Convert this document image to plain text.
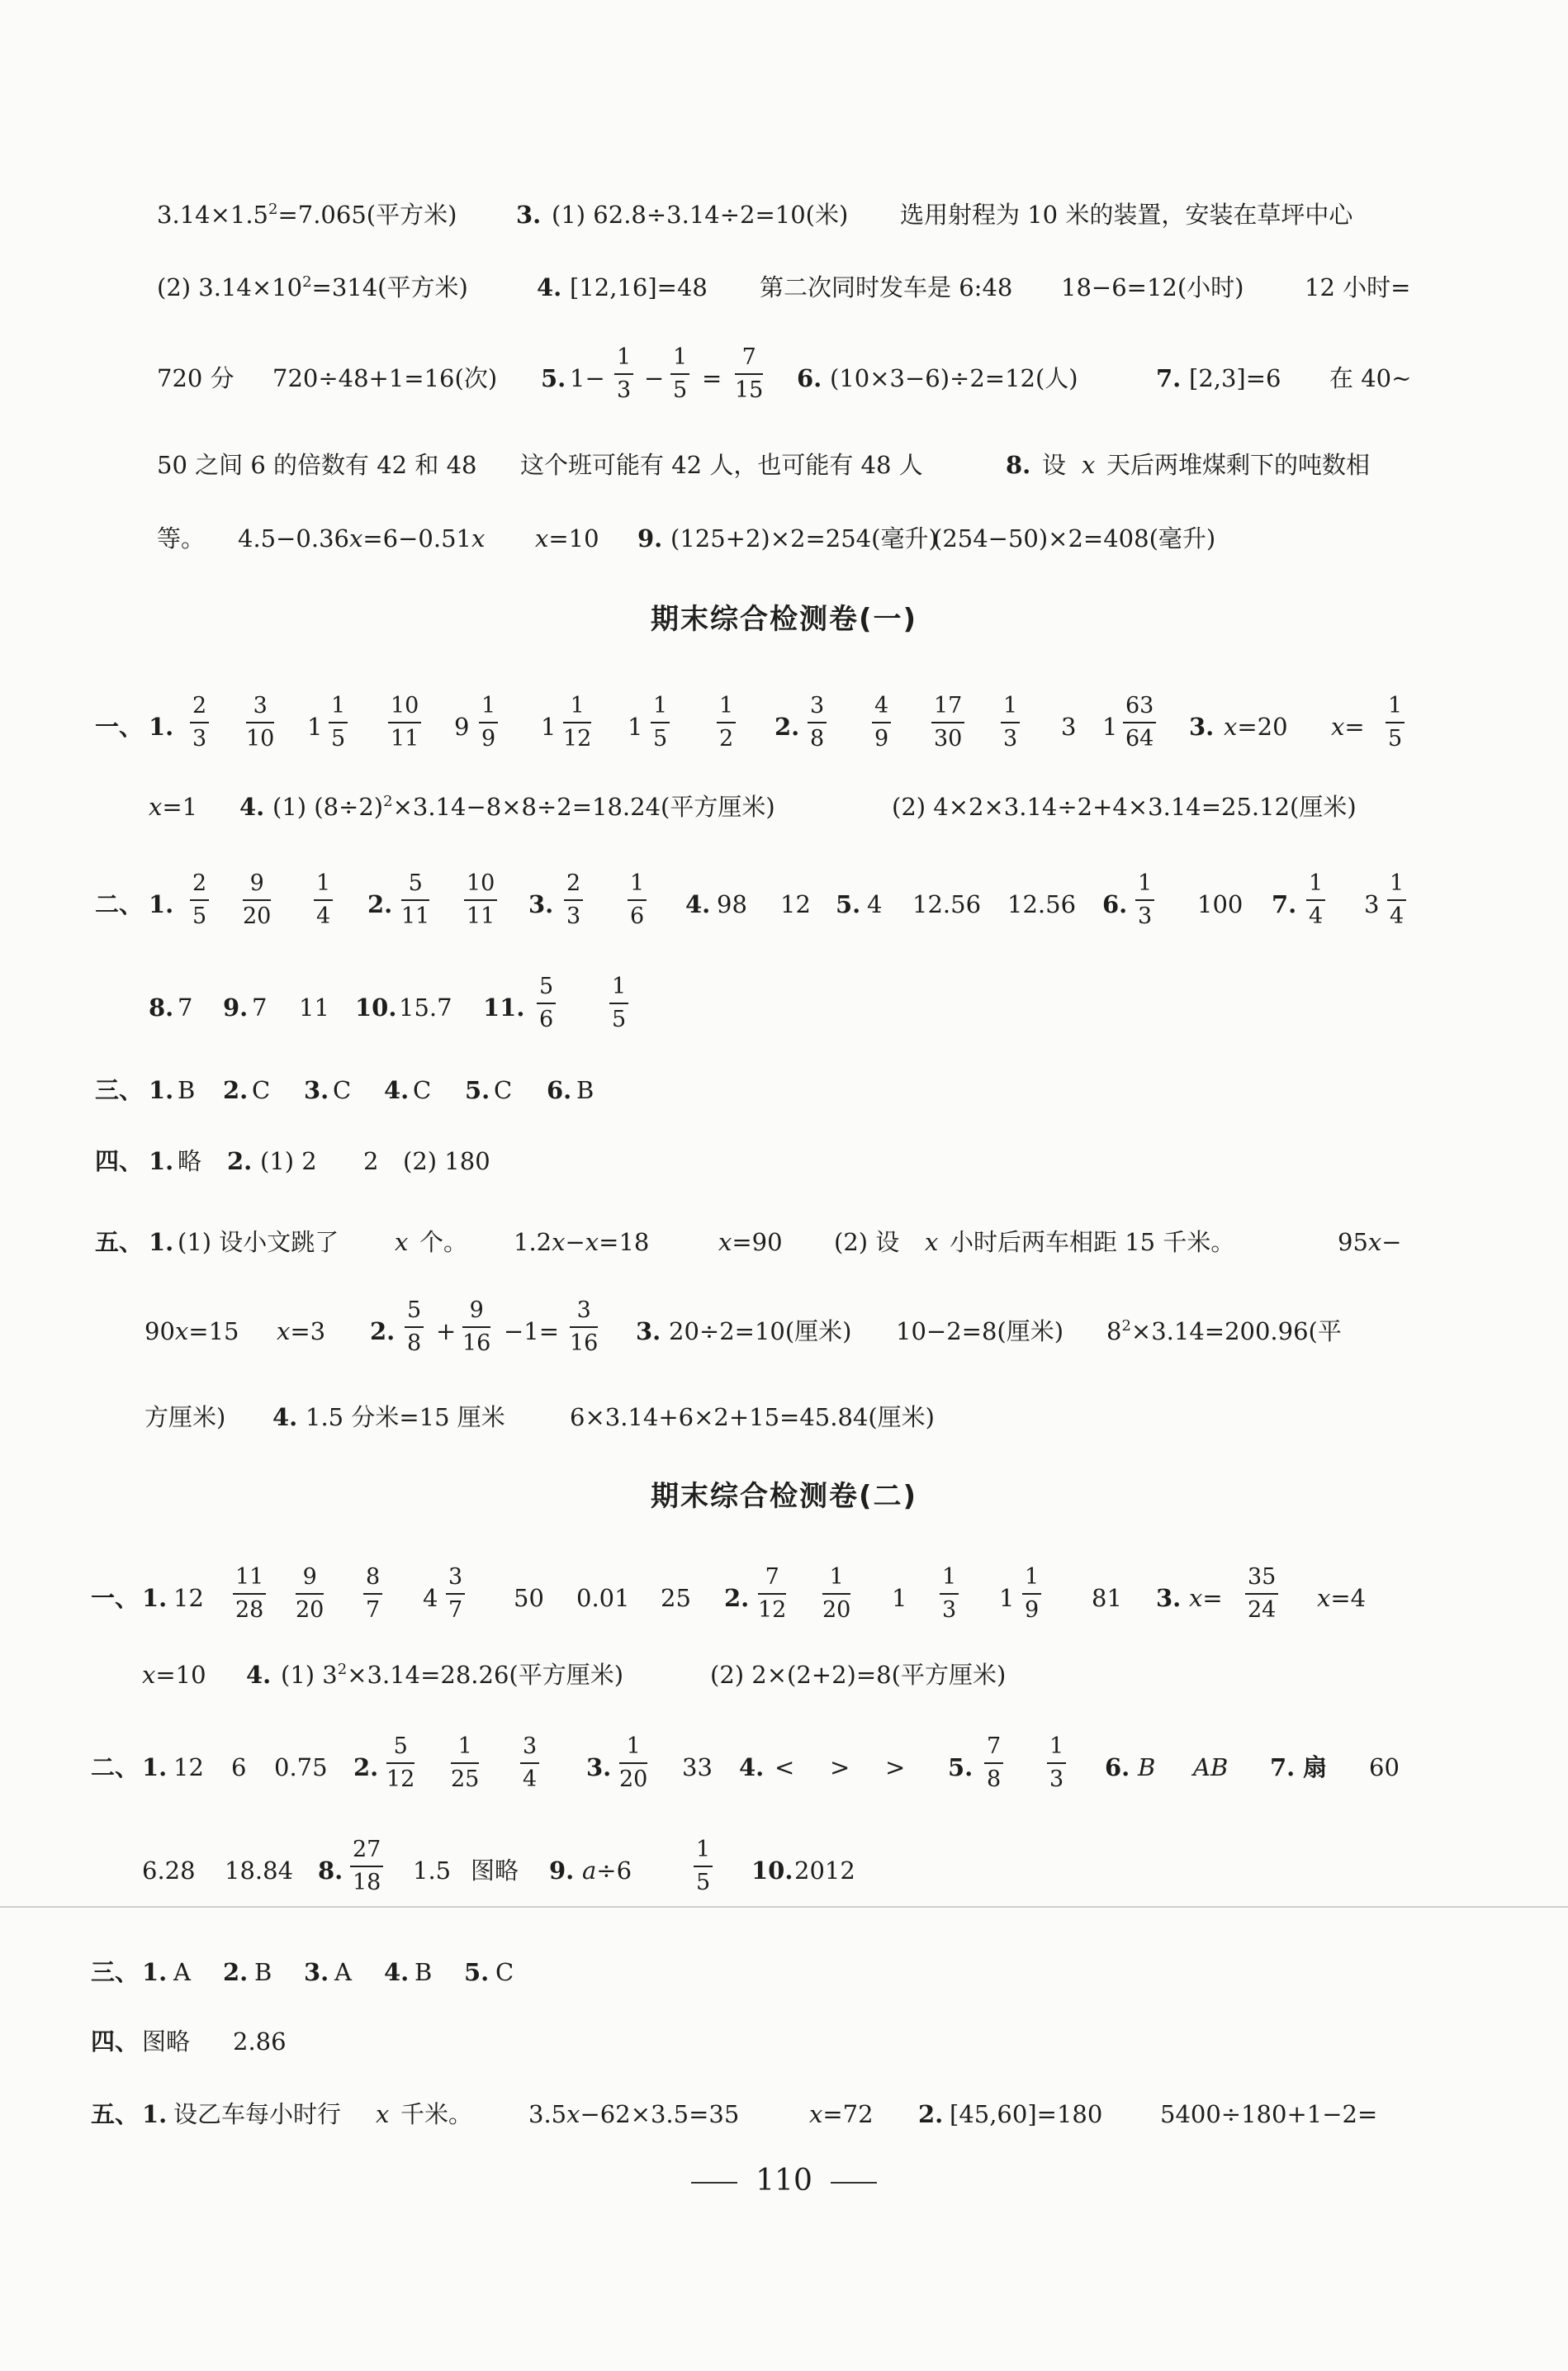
$3.14\times 1.5^2=7.065$(平方米) 3. (1) 62.8÷3.14÷2=10(米) 选用射程为 10 米的装置，安装在草坪中心
(2) $3.14\times 10^2=314$(平方米)	4. [12,16]=48 第二次同时发车是 6:48 18−6=12(小时)	12 小时=
720 分 720÷48+1=16(次) 5. 1−
1
3 −
1
5 =
7
15 6. (10×3−6)÷2=12(人)	7. [2,3]=6 在 40~
50 之间 6 的倍数有 42 和 48 这个班可能有 42 人，也可能有 48 人	8. 设 x 天后两堆煤剩下的吨数相
等。 4.5−0.36x=6−0.51x x=10 9. (125+2)×2=254(毫升)
(254−50)×2=408(毫升)
期末综合检测卷(一)
一、 1.
2
3
3
10 1
1
5
10
11 9
1
9 1
1
12 1
1
5
1
2 2.
3
8
4
9
17
30
1
3 3 1
63
64 3. x=20 x=
1
5
x=1 4. (1) $(8\div 2)^2\times 3.14-8\times 8\div 2=18.24$(平方厘米)	(2) 4×2×3.14÷2+4×3.14=25.12(厘米)
二、 1.
2
5
9
20
1
4 2.
5
11
10
11 3.
2
3
1
6 4. 98 12 5. 4 12.56 12.56 6.
1
3 100 7.
1
4 3
1
4
8. 7 9. 7 11 10. 15.7 11.
5
6
1
5
三、 1. B 2. C 3. C 4. C 5. C 6. B
四、 1. 略 2. (1) 2 2 (2) 180
五、 1. (1) 设小文跳了 x 个。 1.2x−x=18	x=90 (2) 设 x 小时后两车相距 15 千米。	95x−
90x=15 x=3 2.
5
8 +
9
16 −1=
3
16 3. 20÷2=10(厘米) 10−2=8(厘米) $8^2\times 3.14=200.96$(平
方厘米) 4. 1.5 分米=15 厘米	6×3.14+6×2+15=45.84(厘米)
期末综合检测卷(二)
一、 1. 12
11
28
9
20
8
7 4
3
7 50 0.01 25 2.
7
12
1
20 1
1
3 1
1
9 81 3. x=
35
24 x=4
x=10 4. (1) $3^2\times 3.14=28.26$(平方厘米)	(2) 2×(2+2)=8(平方厘米)
二、 1. 12 6 0.75 2.
5
12
1
25
3
4 3.
1
20 33 4. < > > 5.
7
8
1
3 6. B AB 7. 扇 60
6.28 18.84 8.
27
18 1.5 图略 9. a÷6
1
5 10. 2012
三、 1. A 2. B 3. A 4. B 5. C
四、 图略 2.86
五、 1. 设乙车每小时行 x 千米。 3.5x−62×3.5=35	x=72 2. [45,60]=180 5400÷180+1−2=
110
